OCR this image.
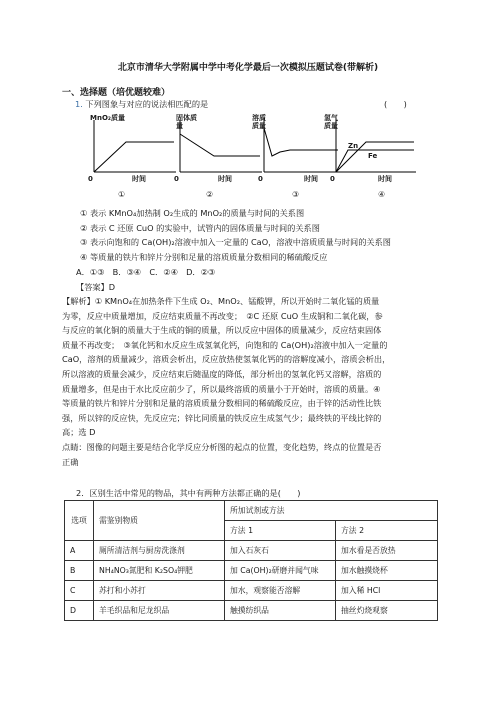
北京市清华大学附属中学中考化学最后一次模拟压题试卷(带解析)
一、选择题（培优题较难）
1. 下列图象与对应的说法相匹配的是	(　　)
MnO₂质量
0	时间
固体质量
0	时间
溶质质量
0	时间
氢气质量
Zn
Fe
0	时间
①	②	③	④
① 表示 KMnO₄加热制 O₂生成的 MnO₂的质量与时间的关系图
② 表示 C 还原 CuO 的实验中，试管内的固体质量与时间的关系图
③ 表示向饱和的 Ca(OH)₂溶液中加入一定量的 CaO，溶液中溶质质量与时间的关系图
④ 等质量的铁片和锌片分别和足量的溶质质量分数相同的稀硫酸反应
A．①③　B．③④　C．②④　D．②③
【答案】D
【解析】① KMnO₄在加热条件下生成 O₂、MnO₂、锰酸钾，所以开始时二氧化锰的质量
为零，反应中质量增加，反应结束质量不再改变；　②C 还原 CuO 生成铜和二氧化碳，参
与反应的氧化铜的质量大于生成的铜的质量，所以反应中固体的质量减少，反应结束固体
质量不再改变；　③氧化钙和水反应生成氢氧化钙，向饱和的 Ca(OH)₂溶液中加入一定量的
CaO，溶剂的质量减少，溶质会析出，反应放热使氢氧化钙的的溶解度减小，溶质会析出，
所以溶液的质量会减少，反应结束后随温度的降低，部分析出的氢氧化钙又溶解，溶质的
质量增多，但是由于水比反应前少了，所以最终溶质的质量小于开始时，溶质的质量。④
等质量的铁片和锌片分别和足量的溶质质量分数相同的稀硫酸反应，由于锌的活动性比铁
强，所以锌的反应快，先反应完；锌比同质量的铁反应生成氢气少；最终铁的平线比锌的
高；选 D
点睛：图像的问题主要是结合化学反应分析图的起点的位置，变化趋势，终点的位置是否
正确
2．区别生活中常见的物品，其中有两种方法都正确的是(　　)
选项	需鉴别物质	所加试剂或方法	
		方法 1	方法 2
A	厕所清洁剂与厨房洗涤剂	加入石灰石	加水看是否放热
B	NH₄NO₃氮肥和 K₂SO₄钾肥	加 Ca(OH)₂研磨并闻气味	加水触摸烧杯
C	苏打和小苏打	加水，观察能否溶解	加入稀 HCl
D	羊毛织品和尼龙织品	触摸纺织品	抽丝灼烧观察
